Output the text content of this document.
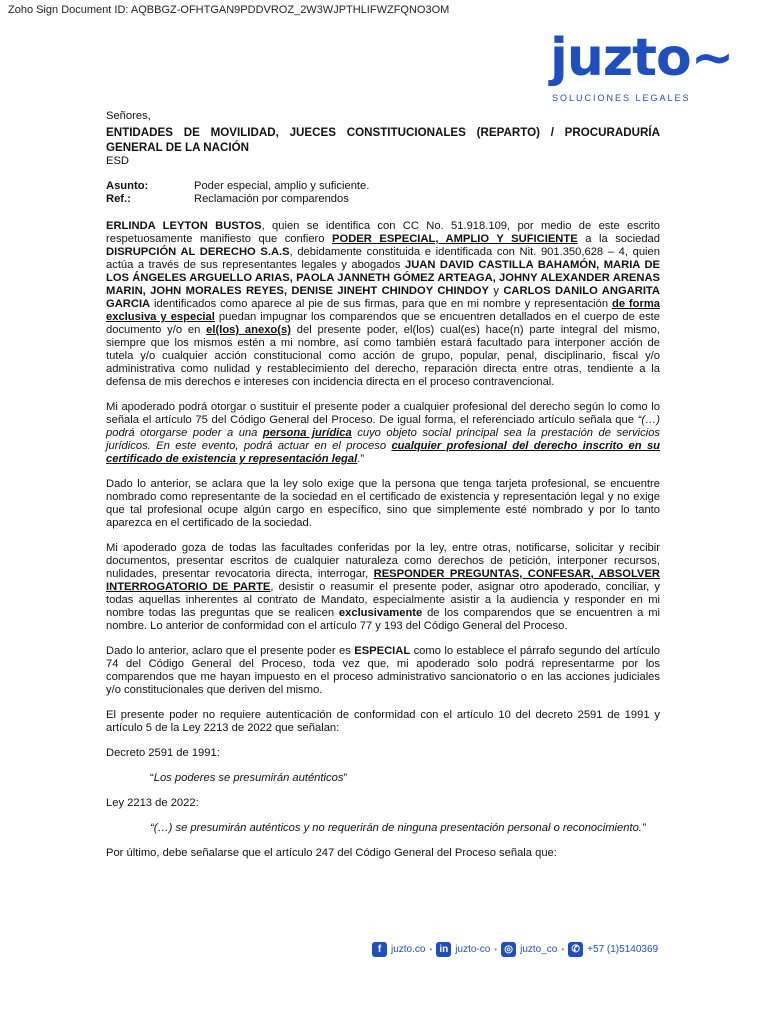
Zoho Sign Document ID: AQBBGZ-OFHTGAN9PDDVROZ_2W3WJPTHLIFWZFQNO3OM
juzto~
SOLUCIONES LEGALES

Señores,

ENTIDADES DE MOVILIDAD, JUECES CONSTITUCIONALES (REPARTO) / PROCURADURÍA GENERAL DE LA NACIÓN

ESD

Asunto:	Poder especial, amplio y suficiente.
Ref.:	Reclamación por comparendos

ERLINDA LEYTON BUSTOS, quien se identifica con CC No. 51.918.109, por medio de este escrito respetuosamente manifiesto que confiero PODER ESPECIAL, AMPLIO Y SUFICIENTE a la sociedad DISRUPCIÓN AL DERECHO S.A.S, debidamente constituida e identificada con Nit. 901.350,628 – 4, quien actúa a través de sus representantes legales y abogados JUAN DAVID CASTILLA BAHAMÓN, MARIA DE LOS ÁNGELES ARGUELLO ARIAS, PAOLA JANNETH GÓMEZ ARTEAGA, JOHNY ALEXANDER ARENAS MARIN, JOHN MORALES REYES, DENISE JINEHT CHINDOY CHINDOY y CARLOS DANILO ANGARITA GARCIA identificados como aparece al pie de sus firmas, para que en mi nombre y representación de forma exclusiva y especial puedan impugnar los comparendos que se encuentren detallados en el cuerpo de este documento y/o en el(los) anexo(s) del presente poder, el(los) cual(es) hace(n) parte integral del mismo, siempre que los mismos estén a mi nombre, así como también estará facultado para interponer acción de tutela y/o cualquier acción constitucional como acción de grupo, popular, penal, disciplinario, fiscal y/o administrativa como nulidad y restablecimiento del derecho, reparación directa entre otras, tendiente a la defensa de mis derechos e intereses con incidencia directa en el proceso contravencional.

Mi apoderado podrá otorgar o sustituir el presente poder a cualquier profesional del derecho según lo como lo señala el artículo 75 del Código General del Proceso. De igual forma, el referenciado artículo señala que “(…) podrá otorgarse poder a una persona jurídica cuyo objeto social principal sea la prestación de servicios jurídicos. En este evento, podrá actuar en el proceso cualquier profesional del derecho inscrito en su certificado de existencia y representación legal.”

Dado lo anterior, se aclara que la ley solo exige que la persona que tenga tarjeta profesional, se encuentre nombrado como representante de la sociedad en el certificado de existencia y representación legal y no exige que tal profesional ocupe algún cargo en específico, sino que simplemente esté nombrado y por lo tanto aparezca en el certificado de la sociedad.

Mi apoderado goza de todas las facultades conferidas por la ley, entre otras, notificarse, solicitar y recibir documentos, presentar escritos de cualquier naturaleza como derechos de petición, interponer recursos, nulidades, presentar revocatoria directa, interrogar, RESPONDER PREGUNTAS, CONFESAR, ABSOLVER INTERROGATORIO DE PARTE, desistir o reasumir el presente poder, asignar otro apoderado, conciliar, y todas aquellas inherentes al contrato de Mandato, especialmente asistir a la audiencia y responder en mi nombre todas las preguntas que se realicen exclusivamente de los comparendos que se encuentren a mi nombre. Lo anterior de conformidad con el artículo 77 y 193 del Código General del Proceso.

Dado lo anterior, aclaro que el presente poder es ESPECIAL como lo establece el párrafo segundo del artículo 74 del Código General del Proceso, toda vez que, mi apoderado solo podrá representarme por los comparendos que me hayan impuesto en el proceso administrativo sancionatorio o en las acciones judiciales y/o constitucionales que deriven del mismo.

El presente poder no requiere autenticación de conformidad con el artículo 10 del decreto 2591 de 1991 y artículo 5 de la Ley 2213 de 2022 que señalan:

Decreto 2591 de 1991:

“Los poderes se presumirán auténticos”

Ley 2213 de 2022:

“(…) se presumirán auténticos y no requerirán de ninguna presentación personal o reconocimiento.”

Por último, debe señalarse que el artículo 247 del Código General del Proceso señala que:

f juzto.co • in juzto-co • ◎ juzto_co • ✆ +57 (1)5140369
